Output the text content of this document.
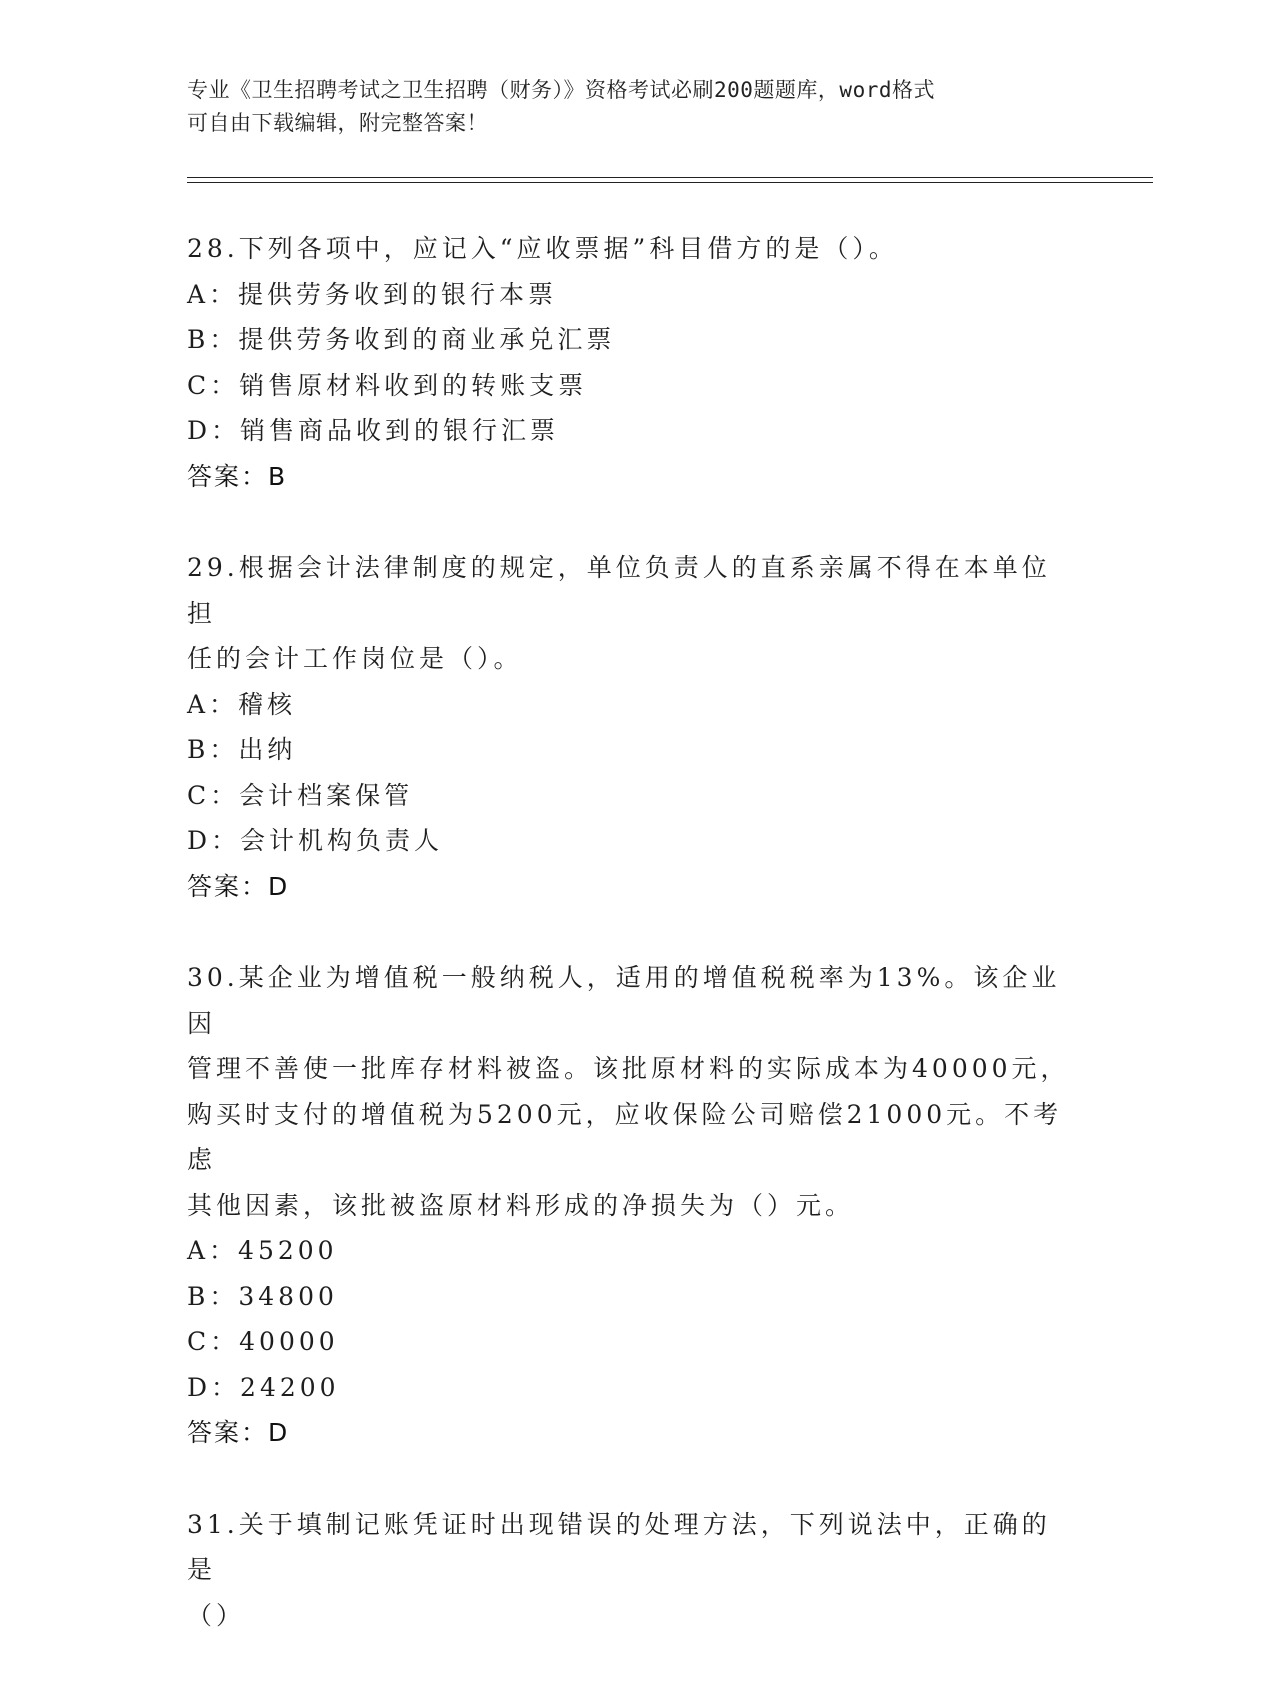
专业《卫生招聘考试之卫生招聘（财务）》资格考试必刷200题题库，word格式
可自由下载编辑，附完整答案！

28.下列各项中，应记入“应收票据”科目借方的是（）。

A：提供劳务收到的银行本票

B：提供劳务收到的商业承兑汇票

C：销售原材料收到的转账支票

D：销售商品收到的银行汇票

答案：B

29.根据会计法律制度的规定，单位负责人的直系亲属不得在本单位担

任的会计工作岗位是（）。

A：稽核

B：出纳

C：会计档案保管

D：会计机构负责人

答案：D

30.某企业为增值税一般纳税人，适用的增值税税率为13%。该企业因

管理不善使一批库存材料被盗。该批原材料的实际成本为40000元，

购买时支付的增值税为5200元，应收保险公司赔偿21000元。不考虑

其他因素，该批被盗原材料形成的净损失为（）元。

A：45200

B：34800

C：40000

D：24200

答案：D

31.关于填制记账凭证时出现错误的处理方法，下列说法中，正确的是

（）
